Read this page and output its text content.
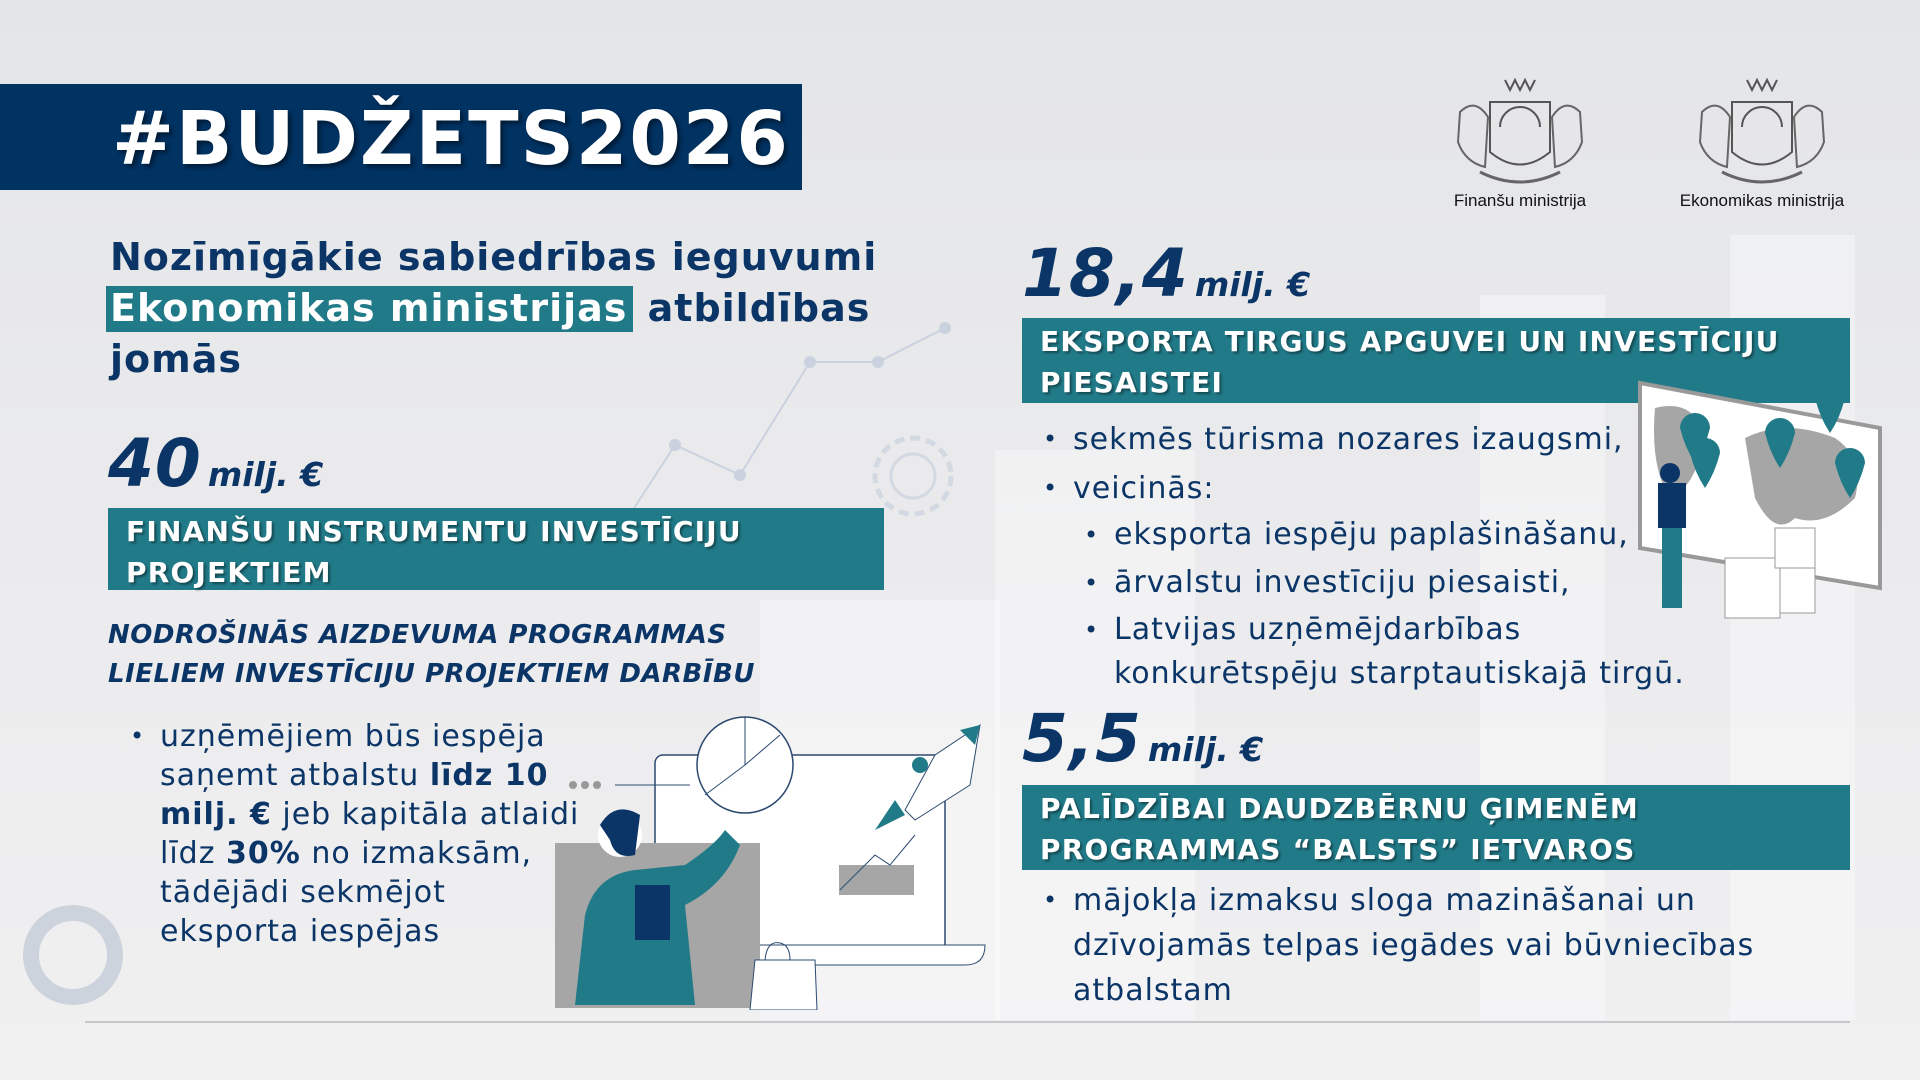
#BUDŽETS2026
Finanšu ministrija	Ekonomikas ministrija
Nozīmīgākie sabiedrības ieguvumi
Ekonomikas ministrijas atbildības
jomās
40 milj. €
FINANŠU INSTRUMENTU INVESTĪCIJU
PROJEKTIEM
NODROŠINĀS AIZDEVUMA PROGRAMMAS
LIELIEM INVESTĪCIJU PROJEKTIEM DARBĪBU
• uzņēmējiem būs iespēja saņemt atbalstu līdz 10 milj. € jeb kapitāla atlaidi līdz 30% no izmaksām, tādējādi sekmējot eksporta iespējas
18,4 milj. €
EKSPORTA TIRGUS APGUVEI UN INVESTĪCIJU
PIESAISTEI
• sekmēs tūrisma nozares izaugsmi,
• veicinās:
• eksporta iespēju paplašināšanu,
• ārvalstu investīciju piesaisti,
• Latvijas uzņēmējdarbības konkurētspēju starptautiskajā tirgū.
5,5 milj. €
PALĪDZĪBAI DAUDZBĒRNU ĢIMENĒM
PROGRAMMAS “BALSTS” IETVAROS
• mājokļa izmaksu sloga mazināšanai un dzīvojamās telpas iegādes vai būvniecības atbalstam
